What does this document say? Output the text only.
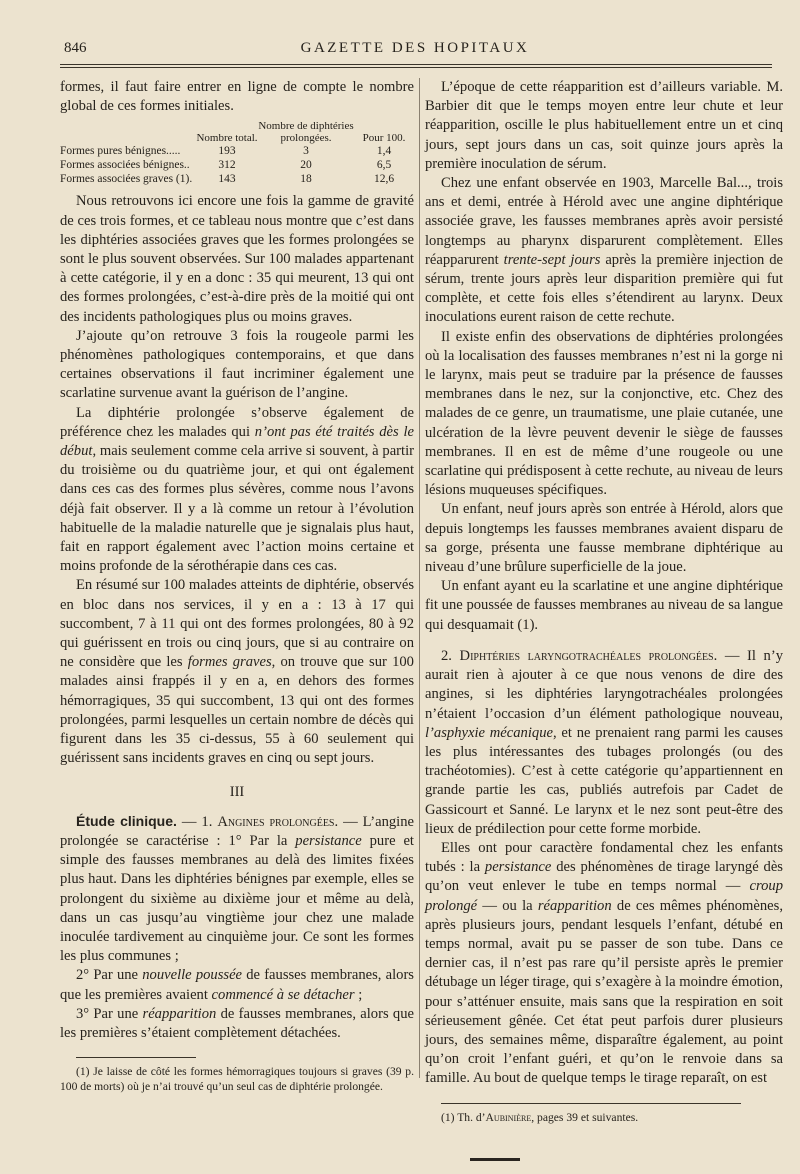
846	GAZETTE DES HOPITAUX

formes, il faut faire entrer en ligne de compte le nombre global de ces formes initiales.

	Nombre total.	Nombre de diphtéries prolongées.	Pour 100.
Formes pures bénignes.....	193	3	1,4
Formes associées bénignes..	312	20	6,5
Formes associées graves (1).	143	18	12,6

Nous retrouvons ici encore une fois la gamme de gravité de ces trois formes, et ce tableau nous montre que c’est dans les diphtéries associées graves que les formes prolongées se sont le plus souvent observées. Sur 100 malades appartenant à cette catégorie, il y en a donc : 35 qui meurent, 13 qui ont des formes prolongées, c’est-à-dire près de la moitié qui ont des incidents pathologiques plus ou moins graves.

J’ajoute qu’on retrouve 3 fois la rougeole parmi les phénomènes pathologiques contemporains, et que dans certaines observations il faut incriminer également une scarlatine survenue avant la guérison de l’angine.

La diphtérie prolongée s’observe également de préférence chez les malades qui n’ont pas été traités dès le début, mais seulement comme cela arrive si souvent, à partir du troisième ou du quatrième jour, et qui ont également dans ces cas des formes plus sévères, comme nous l’avons déjà fait observer. Il y a là comme un retour à l’évolution habituelle de la maladie naturelle que je signalais plus haut, fait en rapport également avec l’action moins certaine et moins profonde de la sérothérapie dans ces cas.

En résumé sur 100 malades atteints de diphtérie, observés en bloc dans nos services, il y en a : 13 à 17 qui succombent, 7 à 11 qui ont des formes prolongées, 80 à 92 qui guérissent en trois ou cinq jours, que si au contraire on ne considère que les formes graves, on trouve que sur 100 malades ainsi frappés il y en a, en dehors des formes hémorragiques, 35 qui succombent, 13 qui ont des formes prolongées, parmi lesquelles un certain nombre de décès qui figurent dans les 35 ci-dessus, 55 à 60 seulement qui guérissent sans incidents graves en cinq ou sept jours.

III

Étude clinique. — 1. Angines prolongées. — L’angine prolongée se caractérise : 1° Par la persistance pure et simple des fausses membranes au delà des limites fixées plus haut. Dans les diphtéries bénignes par exemple, elles se prolongent du sixième au dixième jour et même au delà, dans un cas jusqu’au vingtième jour chez une malade inoculée tardivement au cinquième jour. Ce sont les formes les plus communes ;

2° Par une nouvelle poussée de fausses membranes, alors que les premières avaient commencé à se détacher ;

3° Par une réapparition de fausses membranes, alors que les premières s’étaient complètement détachées.

(1) Je laisse de côté les formes hémorragiques toujours si graves (39 p. 100 de morts) où je n’ai trouvé qu’un seul cas de diphtérie prolongée.

L’époque de cette réapparition est d’ailleurs variable. M. Barbier dit que le temps moyen entre leur chute et leur réapparition, oscille le plus habituellement entre un et cinq jours, sept jours dans un cas, soit quinze jours après la première inoculation de sérum.

Chez une enfant observée en 1903, Marcelle Bal..., trois ans et demi, entrée à Hérold avec une angine diphtérique associée grave, les fausses membranes après avoir persisté longtemps au pharynx disparurent complètement. Elles réapparurent trente-sept jours après la première injection de sérum, trente jours après leur disparition première qui fut complète, et cette fois elles s’étendirent au larynx. Deux inoculations eurent raison de cette rechute.

Il existe enfin des observations de diphtéries prolongées où la localisation des fausses membranes n’est ni la gorge ni le larynx, mais peut se traduire par la présence de fausses membranes dans le nez, sur la conjonctive, etc. Chez des malades de ce genre, un traumatisme, une plaie cutanée, une ulcération de la lèvre peuvent devenir le siège de fausses membranes. Il en est de même d’une rougeole ou une scarlatine qui prédisposent à cette rechute, au niveau de leurs lésions muqueuses spécifiques.

Un enfant, neuf jours après son entrée à Hérold, alors que depuis longtemps les fausses membranes avaient disparu de sa gorge, présenta une fausse membrane diphtérique au niveau d’une brûlure superficielle de la joue.

Un enfant ayant eu la scarlatine et une angine diphtérique fit une poussée de fausses membranes au niveau de sa langue qui desquamait (1).

2. Diphtéries laryngotrachéales prolongées. — Il n’y aurait rien à ajouter à ce que nous venons de dire des angines, si les diphtéries laryngotrachéales prolongées n’étaient l’occasion d’un élément pathologique nouveau, l’asphyxie mécanique, et ne prenaient rang parmi les causes les plus intéressantes des tubages prolongés (ou des trachéotomies). C’est à cette catégorie qu’appartiennent en grande partie les cas, publiés autrefois par Cadet de Gassicourt et Sanné. Le larynx et le nez sont peut-être des lieux de prédilection pour cette forme morbide.

Elles ont pour caractère fondamental chez les enfants tubés : la persistance des phénomènes de tirage laryngé dès qu’on veut enlever le tube en temps normal — croup prolongé — ou la réapparition de ces mêmes phénomènes, après plusieurs jours, pendant lesquels l’enfant, détubé en temps normal, avait pu se passer de son tube. Dans ce dernier cas, il n’est pas rare qu’il persiste après le premier détubage un léger tirage, qui s’exagère à la moindre émotion, pour s’atténuer ensuite, mais sans que la respiration en soit sérieusement gênée. Cet état peut parfois durer plusieurs jours, des semaines même, disparaître également, au point qu’on croit l’enfant guéri, et qu’on le renvoie dans sa famille. Au bout de quelque temps le tirage reparaît, on est

(1) Th. d’Aubinière, pages 39 et suivantes.
